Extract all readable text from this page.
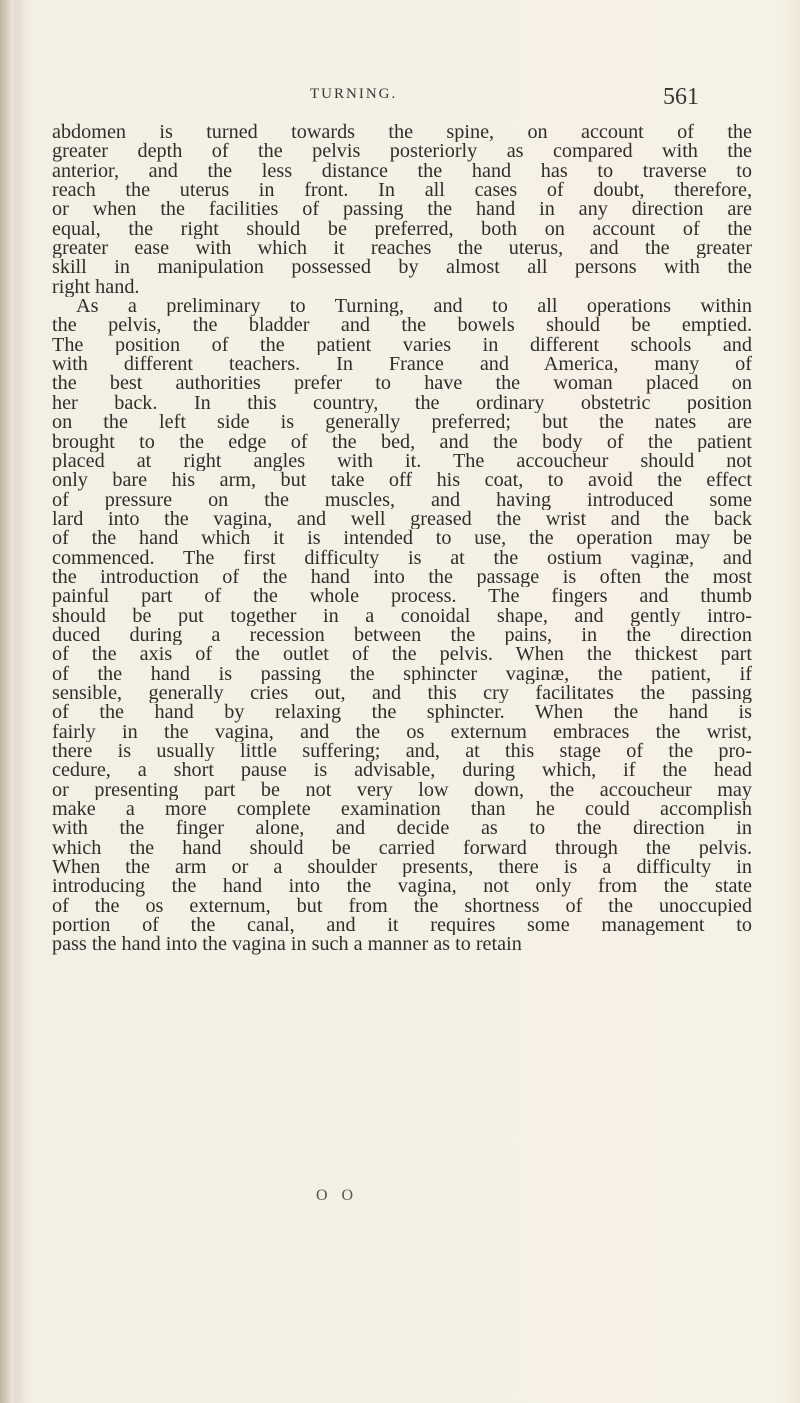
TURNING.	561
abdomen is turned towards the spine, on account of the
greater depth of the pelvis posteriorly as compared with the
anterior, and the less distance the hand has to traverse to
reach the uterus in front. In all cases of doubt, therefore,
or when the facilities of passing the hand in any direction are
equal, the right should be preferred, both on account of the
greater ease with which it reaches the uterus, and the greater
skill in manipulation possessed by almost all persons with the
right hand.
As a preliminary to Turning, and to all operations within
the pelvis, the bladder and the bowels should be emptied.
The position of the patient varies in different schools and
with different teachers. In France and America, many of
the best authorities prefer to have the woman placed on
her back. In this country, the ordinary obstetric position
on the left side is generally preferred; but the nates are
brought to the edge of the bed, and the body of the patient
placed at right angles with it. The accoucheur should not
only bare his arm, but take off his coat, to avoid the effect
of pressure on the muscles, and having introduced some
lard into the vagina, and well greased the wrist and the back
of the hand which it is intended to use, the operation may be
commenced. The first difficulty is at the ostium vaginæ, and
the introduction of the hand into the passage is often the most
painful part of the whole process. The fingers and thumb
should be put together in a conoidal shape, and gently intro-
duced during a recession between the pains, in the direction
of the axis of the outlet of the pelvis. When the thickest part
of the hand is passing the sphincter vaginæ, the patient, if
sensible, generally cries out, and this cry facilitates the passing
of the hand by relaxing the sphincter. When the hand is
fairly in the vagina, and the os externum embraces the wrist,
there is usually little suffering; and, at this stage of the pro-
cedure, a short pause is advisable, during which, if the head
or presenting part be not very low down, the accoucheur may
make a more complete examination than he could accomplish
with the finger alone, and decide as to the direction in
which the hand should be carried forward through the pelvis.
When the arm or a shoulder presents, there is a difficulty in
introducing the hand into the vagina, not only from the state
of the os externum, but from the shortness of the unoccupied
portion of the canal, and it requires some management to
pass the hand into the vagina in such a manner as to retain
O O
